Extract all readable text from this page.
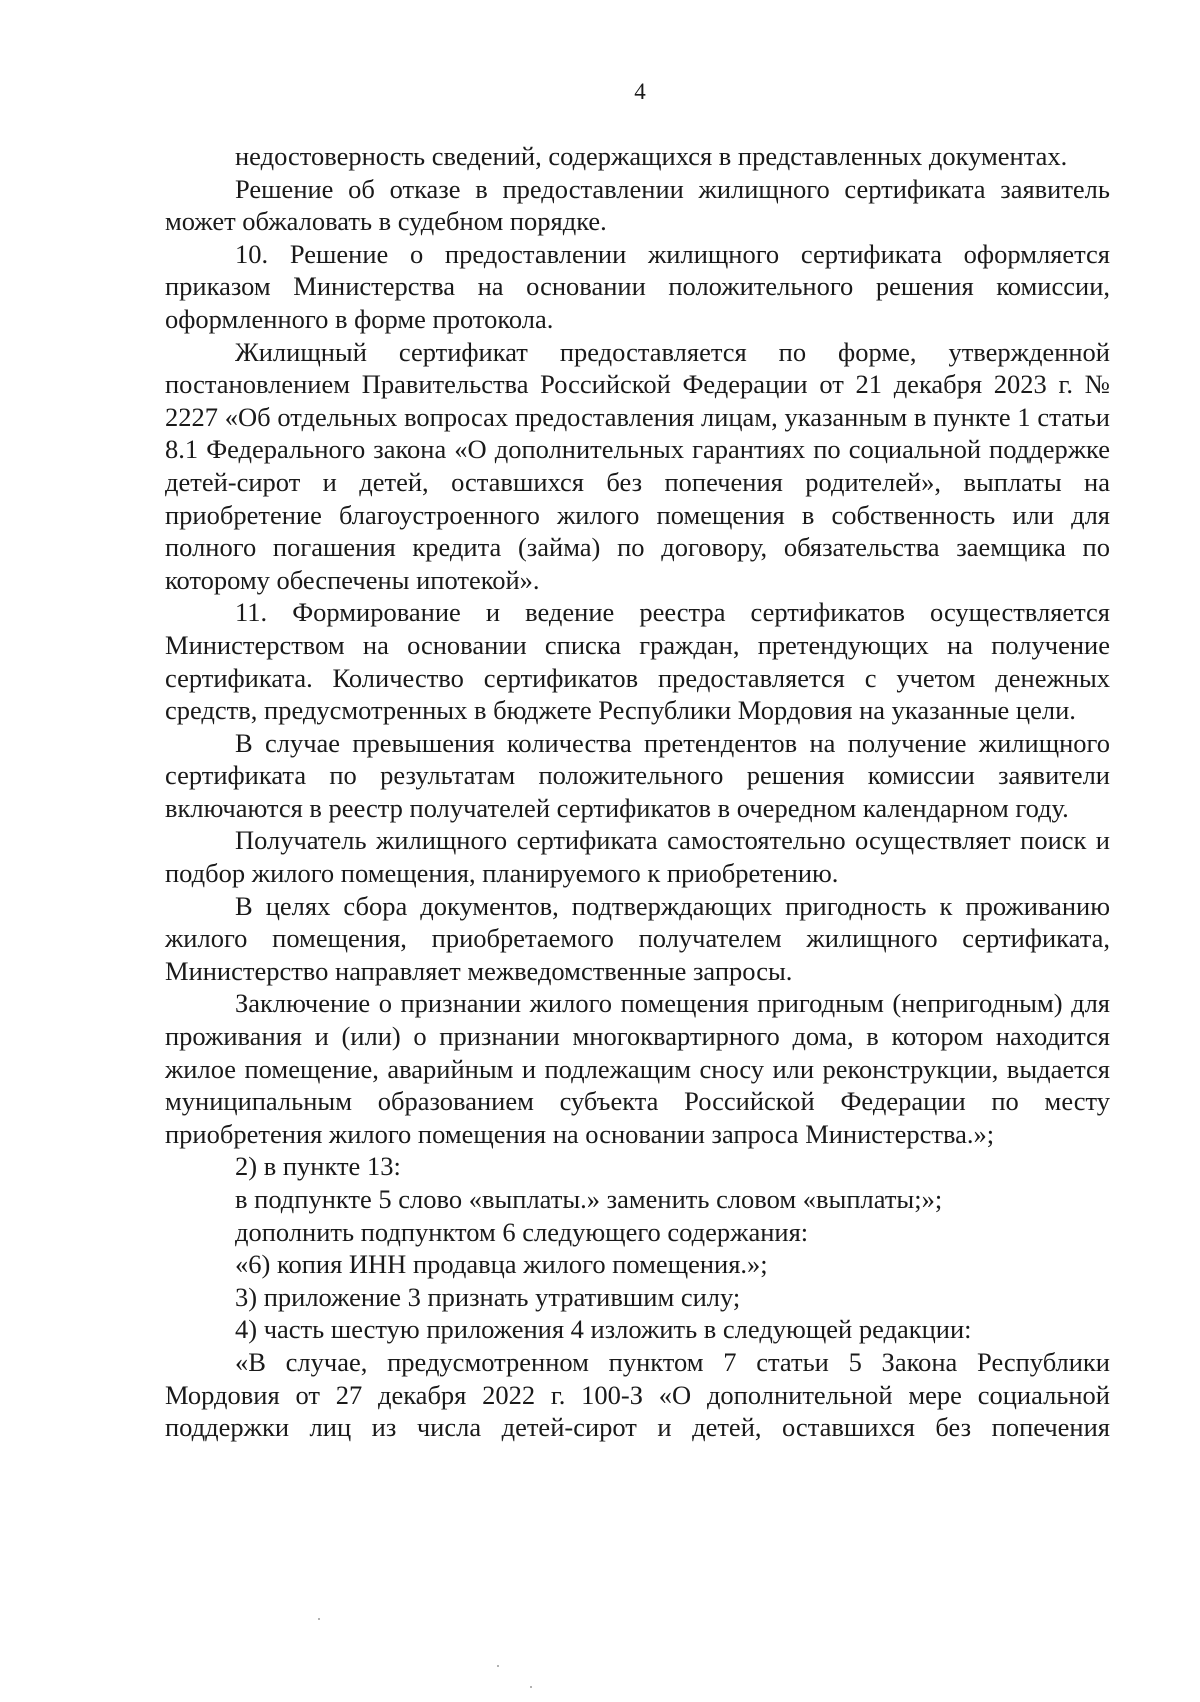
4

недостоверность сведений, содержащихся в представленных документах.

Решение об отказе в предоставлении жилищного сертификата заявитель может обжаловать в судебном порядке.

10. Решение о предоставлении жилищного сертификата оформляется приказом Министерства на основании положительного решения комиссии, оформленного в форме протокола.

Жилищный сертификат предоставляется по форме, утвержденной постановлением Правительства Российской Федерации от 21 декабря 2023 г. № 2227 «Об отдельных вопросах предоставления лицам, указанным в пункте 1 статьи 8.1 Федерального закона «О дополнительных гарантиях по социальной поддержке детей-сирот и детей, оставшихся без попечения родителей», выплаты на приобретение благоустроенного жилого помещения в собственность или для полного погашения кредита (займа) по договору, обязательства заемщика по которому обеспечены ипотекой».

11. Формирование и ведение реестра сертификатов осуществляется Министерством на основании списка граждан, претендующих на получение сертификата. Количество сертификатов предоставляется с учетом денежных средств, предусмотренных в бюджете Республики Мордовия на указанные цели.

В случае превышения количества претендентов на получение жилищного сертификата по результатам положительного решения комиссии заявители включаются в реестр получателей сертификатов в очередном календарном году.

Получатель жилищного сертификата самостоятельно осуществляет поиск и подбор жилого помещения, планируемого к приобретению.

В целях сбора документов, подтверждающих пригодность к проживанию жилого помещения, приобретаемого получателем жилищного сертификата, Министерство направляет межведомственные запросы.

Заключение о признании жилого помещения пригодным (непригодным) для проживания и (или) о признании многоквартирного дома, в котором находится жилое помещение, аварийным и подлежащим сносу или реконструкции, выдается муниципальным образованием субъекта Российской Федерации по месту приобретения жилого помещения на основании запроса Министерства.»;

2) в пункте 13:

в подпункте 5 слово «выплаты.» заменить словом «выплаты;»;

дополнить подпунктом 6 следующего содержания:

«6) копия ИНН продавца жилого помещения.»;

3) приложение 3 признать утратившим силу;

4) часть шестую приложения 4 изложить в следующей редакции:

«В случае, предусмотренном пунктом 7 статьи 5 Закона Республики Мордовия от 27 декабря 2022 г. 100-З «О дополнительной мере социальной поддержки лиц из числа детей-сирот и детей, оставшихся без попечения
